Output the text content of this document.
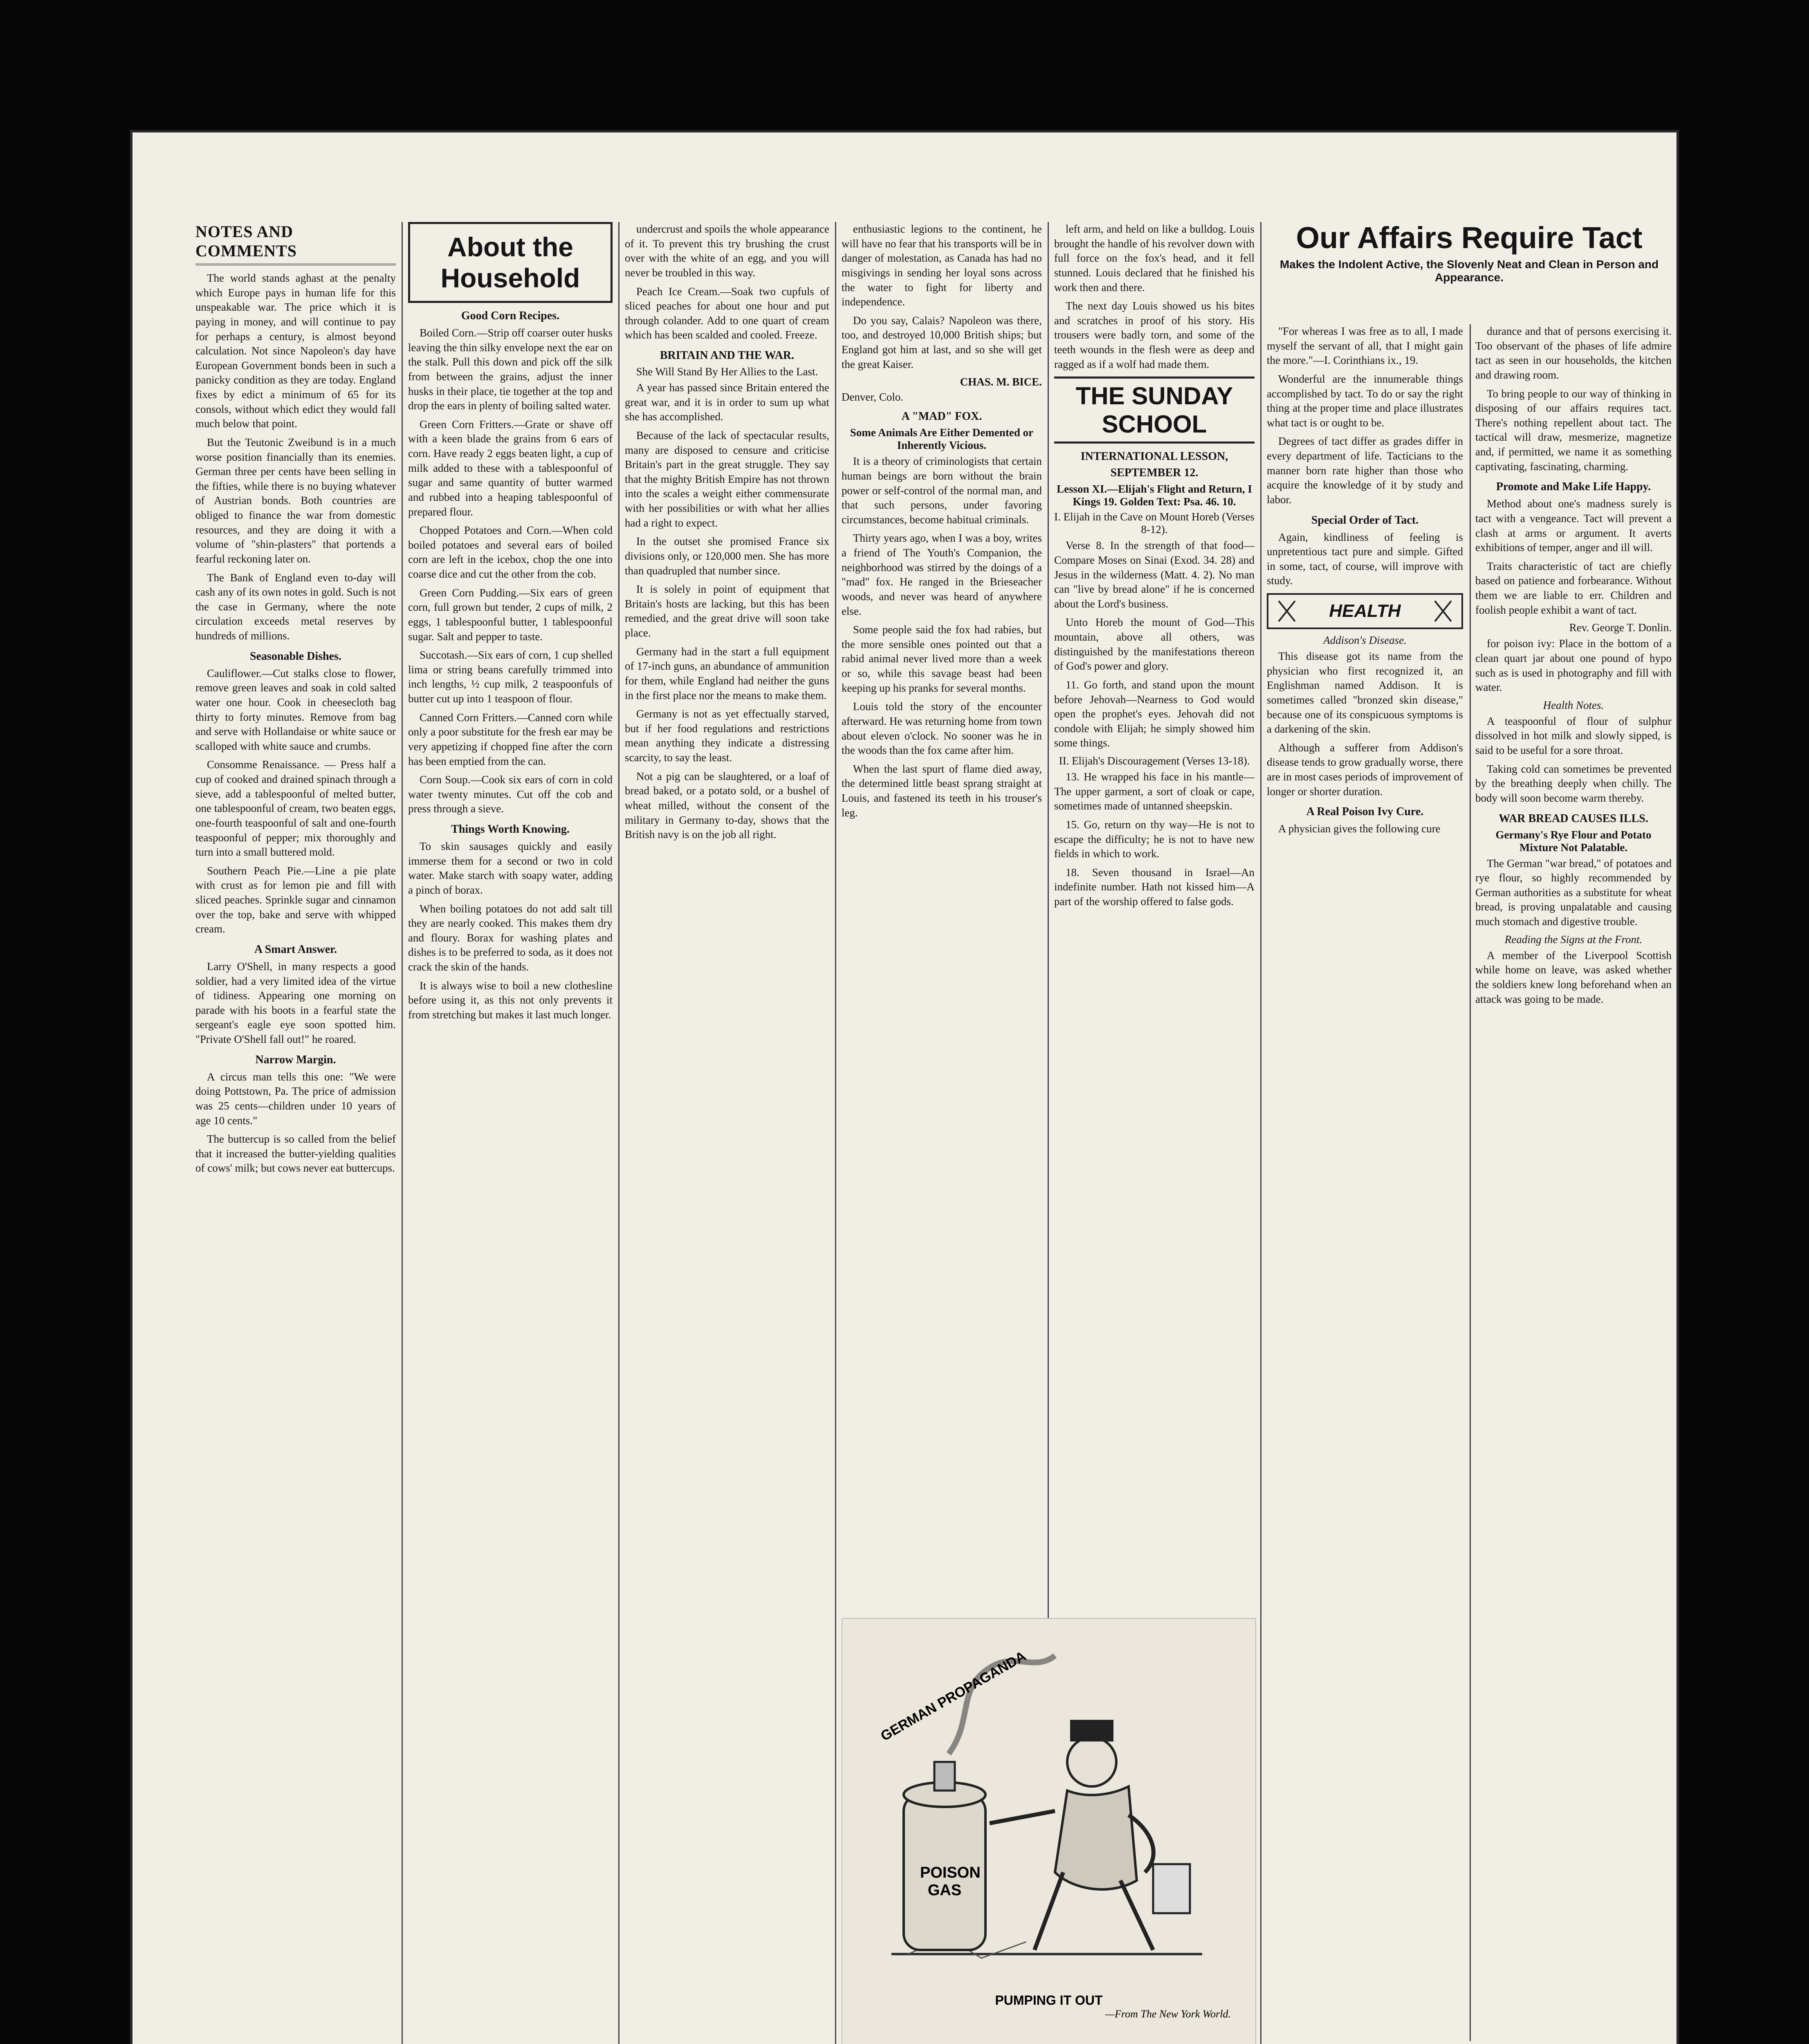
NOTES AND COMMENTS

The world stands aghast at the penalty which Europe pays in human life for this unspeakable war. The price which it is paying in money, and will continue to pay for perhaps a century, is almost beyond calculation. Not since Napoleon's day have European Government bonds been in such a panicky condition as they are today. England fixes by edict a minimum of 65 for its consols, without which edict they would fall much below that point.

But the Teutonic Zweibund is in a much worse position financially than its enemies. German three per cents have been selling in the fifties, while there is no buying whatever of Austrian bonds. Both countries are obliged to finance the war from domestic resources, and they are doing it with a volume of "shin-plasters" that portends a fearful reckoning later on.

The Bank of England even to-day will cash any of its own notes in gold. Such is not the case in Germany, where the note circulation exceeds metal reserves by hundreds of millions.

Seasonable Dishes.

Cauliflower.—Cut stalks close to flower, remove green leaves and soak in cold salted water one hour. Cook in cheesecloth bag thirty to forty minutes. Remove from bag and serve with Hollandaise or white sauce or scalloped with white sauce and crumbs.

Consomme Renaissance. — Press half a cup of cooked and drained spinach through a sieve, add a tablespoonful of melted butter, one tablespoonful of cream, two beaten eggs, one-fourth teaspoonful of salt and one-fourth teaspoonful of pepper; mix thoroughly and turn into a small buttered mold.

Southern Peach Pie.—Line a pie plate with crust as for lemon pie and fill with sliced peaches. Sprinkle sugar and cinnamon over the top, bake and serve with whipped cream.

A Smart Answer.

Larry O'Shell, in many respects a good soldier, had a very limited idea of the virtue of tidiness. Appearing one morning on parade with his boots in a fearful state the sergeant's eagle eye soon spotted him. "Private O'Shell fall out!" he roared.

Narrow Margin.

A circus man tells this one: "We were doing Pottstown, Pa. The price of admission was 25 cents—children under 10 years of age 10 cents."

The buttercup is so called from the belief that it increased the butter-yielding qualities of cows' milk; but cows never eat buttercups.

About the Household
Good Corn Recipes.

Boiled Corn.—Strip off coarser outer husks leaving the thin silky envelope next the ear on the stalk. Pull this down and pick off the silk from between the grains, adjust the inner husks in their place, tie together at the top and drop the ears in plenty of boiling salted water.

Green Corn Fritters.—Grate or shave off with a keen blade the grains from 6 ears of corn. Have ready 2 eggs beaten light, a cup of milk added to these with a tablespoonful of sugar and same quantity of butter warmed and rubbed into a heaping tablespoonful of prepared flour.

Chopped Potatoes and Corn.—When cold boiled potatoes and several ears of boiled corn are left in the icebox, chop the one into coarse dice and cut the other from the cob.

Green Corn Pudding.—Six ears of green corn, full grown but tender, 2 cups of milk, 2 eggs, 1 tablespoonful butter, 1 tablespoonful sugar. Salt and pepper to taste.

Succotash.—Six ears of corn, 1 cup shelled lima or string beans carefully trimmed into inch lengths, ½ cup milk, 2 teaspoonfuls of butter cut up into 1 teaspoon of flour.

Canned Corn Fritters.—Canned corn while only a poor substitute for the fresh ear may be very appetizing if chopped fine after the corn has been emptied from the can.

Corn Soup.—Cook six ears of corn in cold water twenty minutes. Cut off the cob and press through a sieve.

Things Worth Knowing.

To skin sausages quickly and easily immerse them for a second or two in cold water. Make starch with soapy water, adding a pinch of borax.

When boiling potatoes do not add salt till they are nearly cooked. This makes them dry and floury. Borax for washing plates and dishes is to be preferred to soda, as it does not crack the skin of the hands.

It is always wise to boil a new clothesline before using it, as this not only prevents it from stretching but makes it last much longer.

undercrust and spoils the whole appearance of it. To prevent this try brushing the crust over with the white of an egg, and you will never be troubled in this way.

Peach Ice Cream.—Soak two cupfuls of sliced peaches for about one hour and put through colander. Add to one quart of cream which has been scalded and cooled. Freeze.

BRITAIN AND THE WAR.
She Will Stand By Her Allies to the Last.

A year has passed since Britain entered the great war, and it is in order to sum up what she has accomplished.

Because of the lack of spectacular results, many are disposed to censure and criticise Britain's part in the great struggle. They say that the mighty British Empire has not thrown into the scales a weight either commensurate with her possibilities or with what her allies had a right to expect.

In the outset she promised France six divisions only, or 120,000 men. She has more than quadrupled that number since.

It is solely in point of equipment that Britain's hosts are lacking, but this has been remedied, and the great drive will soon take place.

Germany had in the start a full equipment of 17-inch guns, an abundance of ammunition for them, while England had neither the guns in the first place nor the means to make them.

Germany is not as yet effectually starved, but if her food regulations and restrictions mean anything they indicate a distressing scarcity, to say the least.

Not a pig can be slaughtered, or a loaf of bread baked, or a potato sold, or a bushel of wheat milled, without the consent of the military in Germany to-day, shows that the British navy is on the job all right.

enthusiastic legions to the continent, he will have no fear that his transports will be in danger of molestation, as Canada has had no misgivings in sending her loyal sons across the water to fight for liberty and independence.

Do you say, Calais? Napoleon was there, too, and destroyed 10,000 British ships; but England got him at last, and so she will get the great Kaiser.

CHAS. M. BICE.
Denver, Colo.
A "MAD" FOX.
Some Animals Are Either Demented or Inherently Vicious.

It is a theory of criminologists that certain human beings are born without the brain power or self-control of the normal man, and that such persons, under favoring circumstances, become habitual criminals.

Thirty years ago, when I was a boy, writes a friend of The Youth's Companion, the neighborhood was stirred by the doings of a "mad" fox. He ranged in the Brieseacher woods, and never was heard of anywhere else.

Some people said the fox had rabies, but the more sensible ones pointed out that a rabid animal never lived more than a week or so, while this savage beast had been keeping up his pranks for several months.

Louis told the story of the encounter afterward. He was returning home from town about eleven o'clock. No sooner was he in the woods than the fox came after him.

When the last spurt of flame died away, the determined little beast sprang straight at Louis, and fastened its teeth in his trouser's leg.

left arm, and held on like a bulldog. Louis brought the handle of his revolver down with full force on the fox's head, and it fell stunned. Louis declared that he finished his work then and there.

The next day Louis showed us his bites and scratches in proof of his story. His trousers were badly torn, and some of the teeth wounds in the flesh were as deep and ragged as if a wolf had made them.

THE SUNDAY SCHOOL
INTERNATIONAL LESSON,
SEPTEMBER 12.
Lesson XI.—Elijah's Flight and Return, I Kings 19. Golden Text: Psa. 46. 10.
I. Elijah in the Cave on Mount Horeb (Verses 8-12).

Verse 8. In the strength of that food—Compare Moses on Sinai (Exod. 34. 28) and Jesus in the wilderness (Matt. 4. 2). No man can "live by bread alone" if he is concerned about the Lord's business.

Unto Horeb the mount of God—This mountain, above all others, was distinguished by the manifestations thereon of God's power and glory.

11. Go forth, and stand upon the mount before Jehovah—Nearness to God would open the prophet's eyes. Jehovah did not condole with Elijah; he simply showed him some things.

II. Elijah's Discouragement (Verses 13-18).

13. He wrapped his face in his mantle—The upper garment, a sort of cloak or cape, sometimes made of untanned sheepskin.

15. Go, return on thy way—He is not to escape the difficulty; he is not to have new fields in which to work.

18. Seven thousand in Israel—An indefinite number. Hath not kissed him—A part of the worship offered to false gods.

Our Affairs Require Tact
Makes the Indolent Active, the Slovenly Neat and Clean in Person and Appearance.

"For whereas I was free as to all, I made myself the servant of all, that I might gain the more."—I. Corinthians ix., 19.

Wonderful are the innumerable things accomplished by tact. To do or say the right thing at the proper time and place illustrates what tact is or ought to be.

Degrees of tact differ as grades differ in every department of life. Tacticians to the manner born rate higher than those who acquire the knowledge of it by study and labor.

Special Order of Tact.

Again, kindliness of feeling is unpretentious tact pure and simple. Gifted in some, tact, of course, will improve with study.

HEALTH
Addison's Disease.

This disease got its name from the physician who first recognized it, an Englishman named Addison. It is sometimes called "bronzed skin disease," because one of its conspicuous symptoms is a darkening of the skin.

Although a sufferer from Addison's disease tends to grow gradually worse, there are in most cases periods of improvement of longer or shorter duration.

A Real Poison Ivy Cure.

A physician gives the following cure

durance and that of persons exercising it. Too observant of the phases of life admire tact as seen in our households, the kitchen and drawing room.

To bring people to our way of thinking in disposing of our affairs requires tact. There's nothing repellent about tact. The tactical will draw, mesmerize, magnetize and, if permitted, we name it as something captivating, fascinating, charming.

Promote and Make Life Happy.

Method about one's madness surely is tact with a vengeance. Tact will prevent a clash at arms or argument. It averts exhibitions of temper, anger and ill will.

Traits characteristic of tact are chiefly based on patience and forbearance. Without them we are liable to err. Children and foolish people exhibit a want of tact.

Rev. George T. Donlin.

for poison ivy: Place in the bottom of a clean quart jar about one pound of hypo such as is used in photography and fill with water.

Health Notes.

A teaspoonful of flour of sulphur dissolved in hot milk and slowly sipped, is said to be useful for a sore throat.

Taking cold can sometimes be prevented by the breathing deeply when chilly. The body will soon become warm thereby.

WAR BREAD CAUSES ILLS.
Germany's Rye Flour and Potato Mixture Not Palatable.

The German "war bread," of potatoes and rye flour, so highly recommended by German authorities as a substitute for wheat bread, is proving unpalatable and causing much stomach and digestive trouble.

Reading the Signs at the Front.

A member of the Liverpool Scottish while home on leave, was asked whether the soldiers knew long beforehand when an attack was going to be made.

GERMAN PROPAGANDA
POISON GAS
PUMPING IT OUT
—From The New York World.
